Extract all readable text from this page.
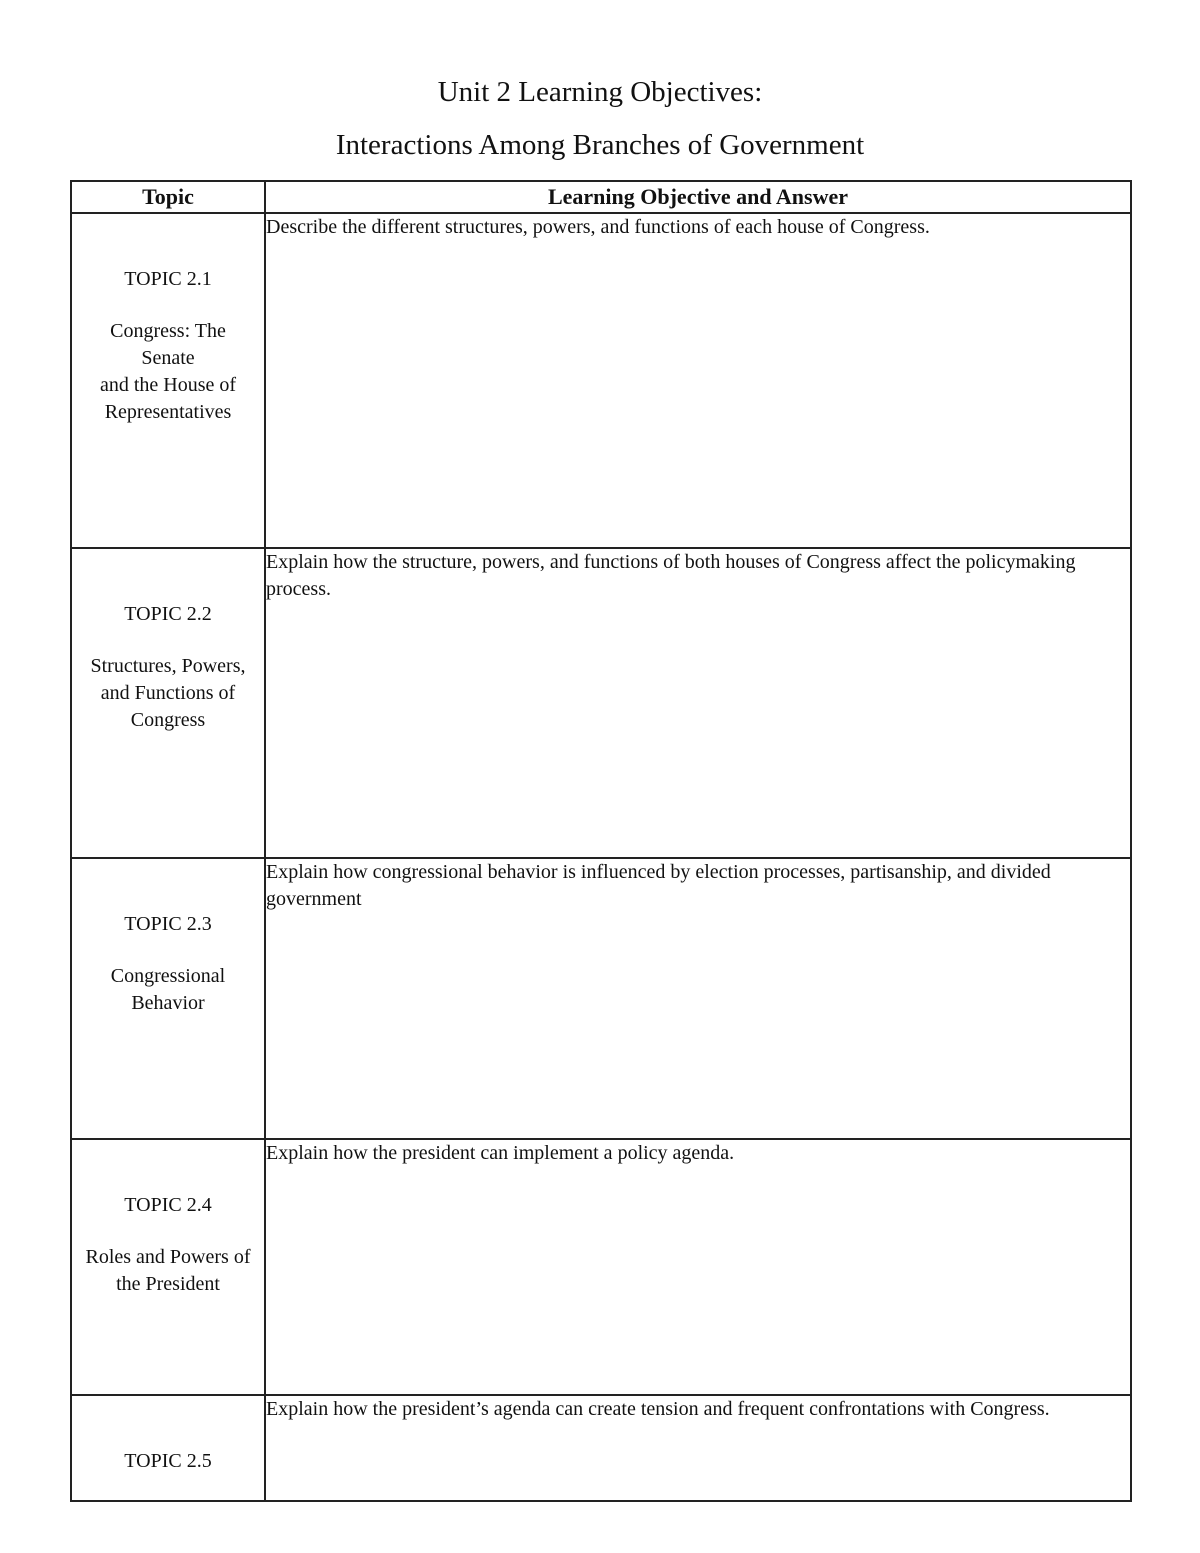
Unit 2 Learning Objectives:
Interactions Among Branches of Government
Topic	Learning Objective and Answer

TOPIC 2.1
Congress: The Senate
and the House of Representatives	Describe the different structures, powers, and functions of each house of Congress.

TOPIC 2.2
Structures, Powers,
and Functions of Congress	Explain how the structure, powers, and functions of both houses of Congress affect the policymaking process.

TOPIC 2.3
Congressional Behavior	Explain how congressional behavior is influenced by election processes, partisanship, and divided government

TOPIC 2.4
Roles and Powers of the President	Explain how the president can implement a policy agenda.

TOPIC 2.5	Explain how the president’s agenda can create tension and frequent confrontations with Congress.
